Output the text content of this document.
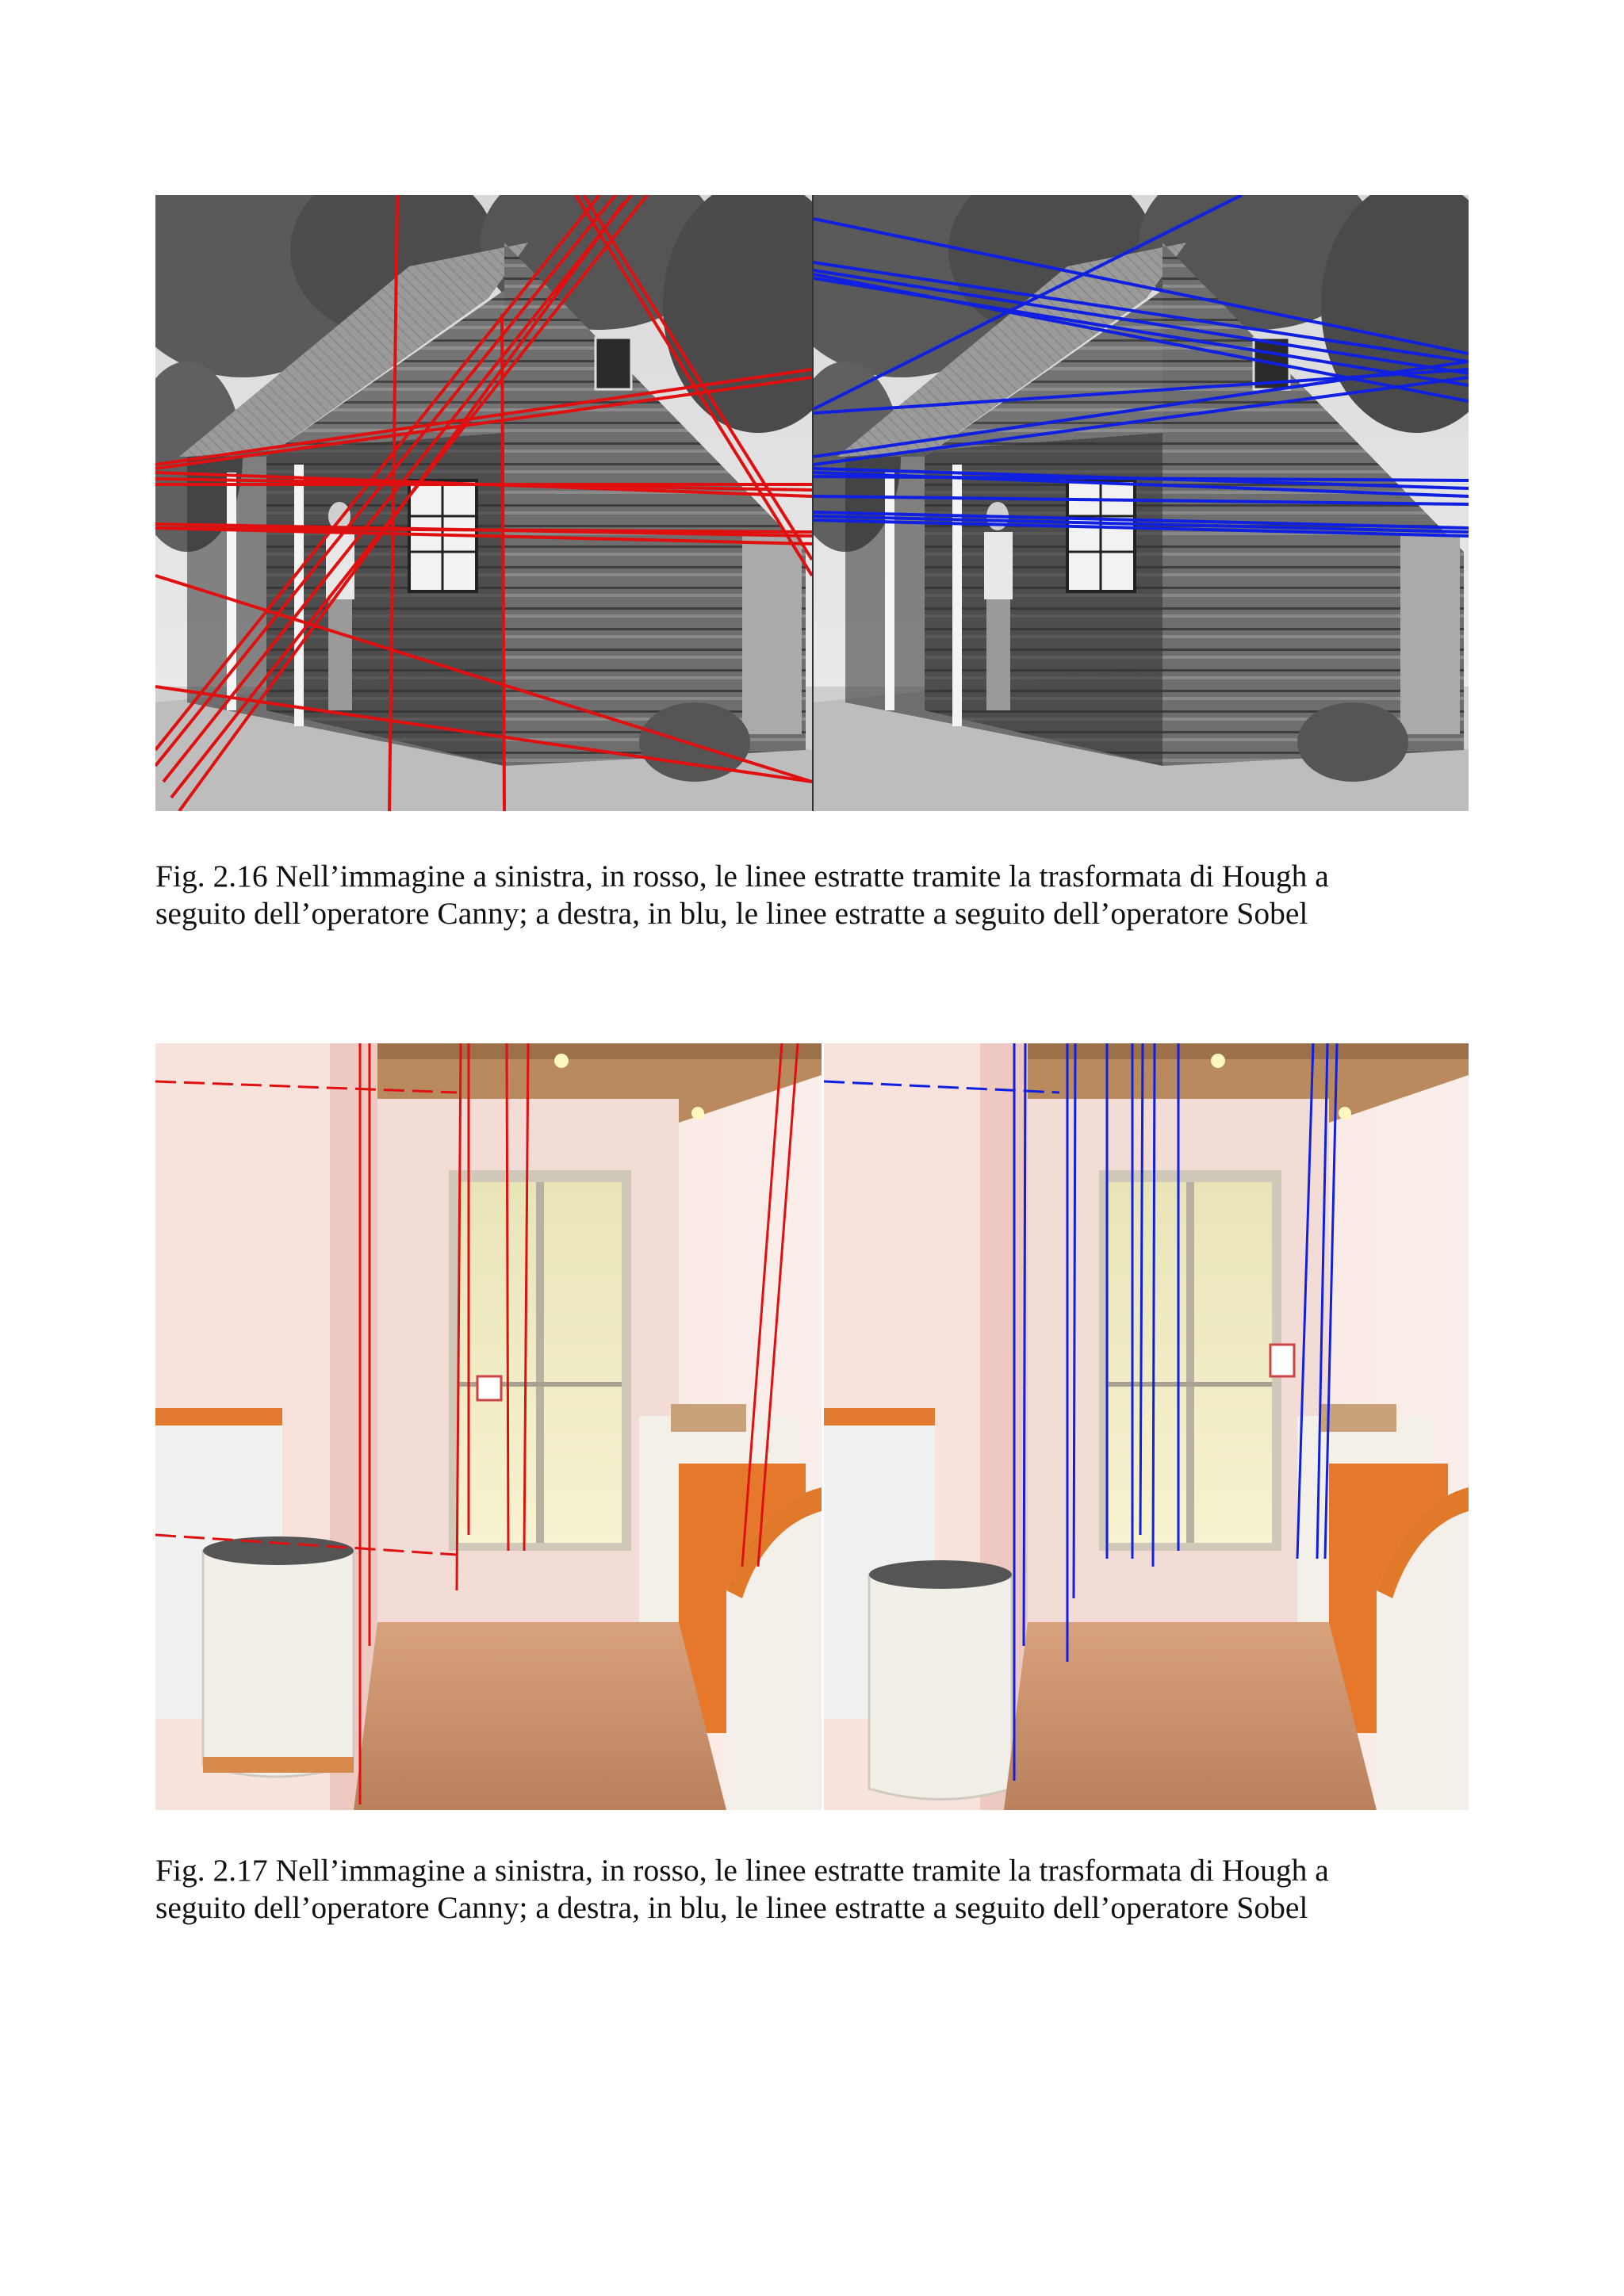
Fig. 2.16 Nell’immagine a sinistra, in rosso, le linee estratte tramite la trasformata di Hough a
seguito dell’operatore Canny; a destra, in blu, le linee estratte a seguito dell’operatore Sobel

Fig. 2.17 Nell’immagine a sinistra, in rosso, le linee estratte tramite la trasformata di Hough a
seguito dell’operatore Canny; a destra, in blu, le linee estratte a seguito dell’operatore Sobel
